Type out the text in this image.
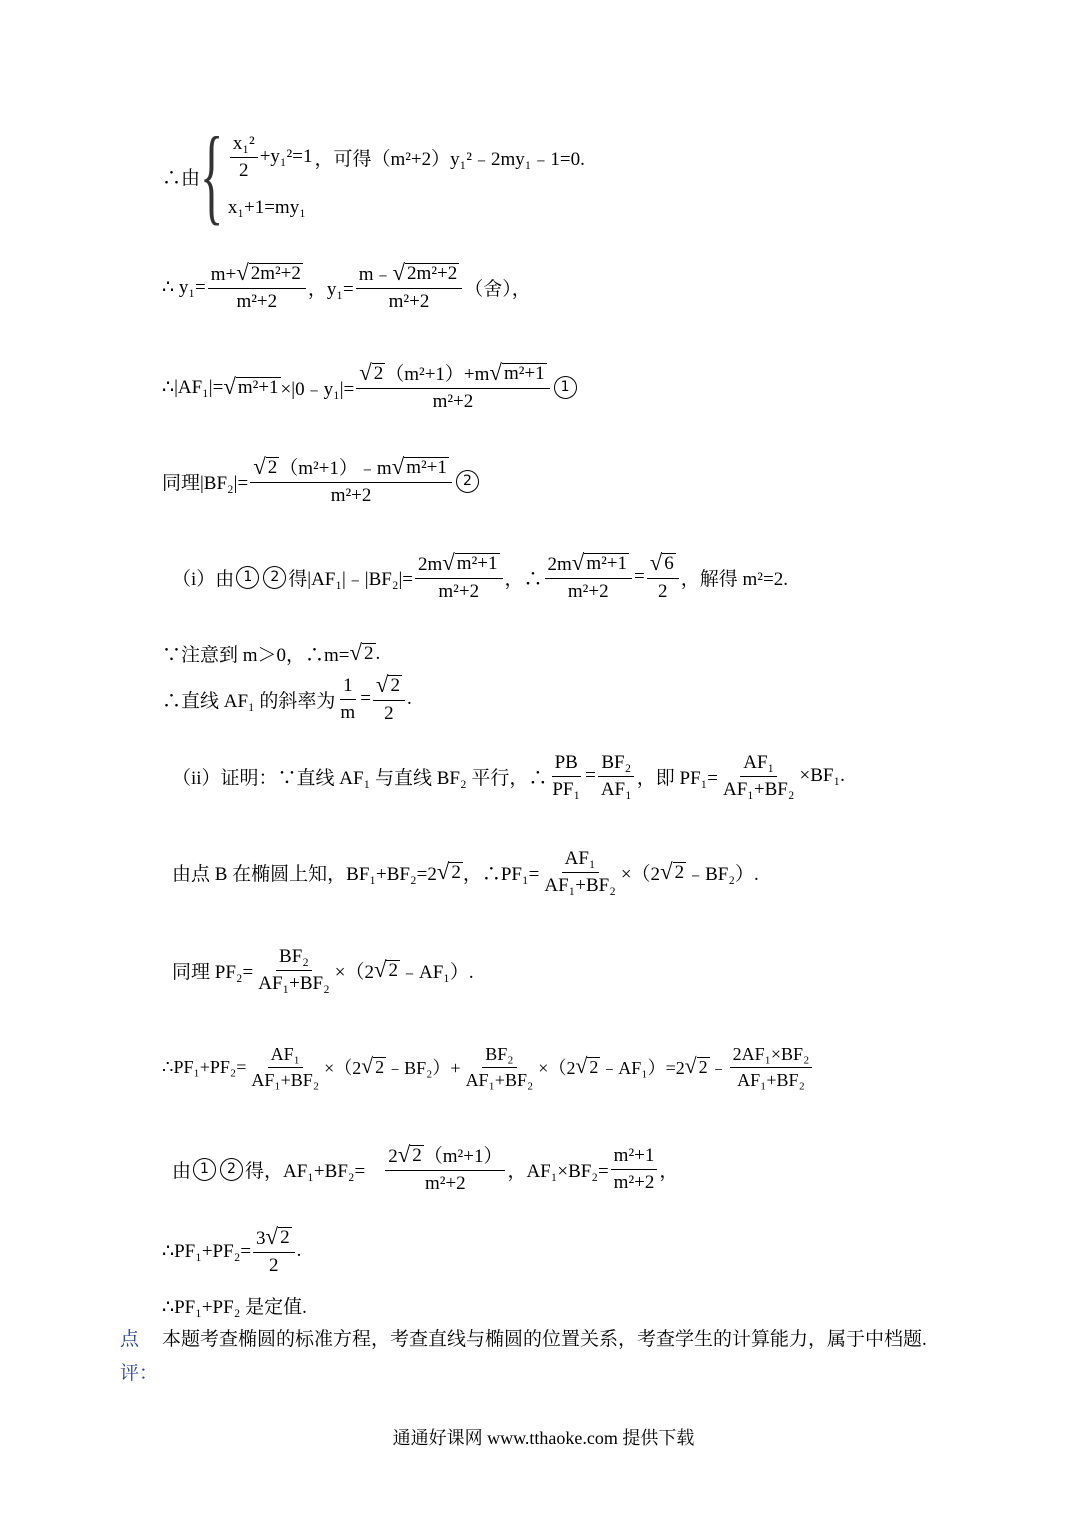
∴由 { $\frac{\text{x₁²}}{2} +y_1^2=1$ ，可得（m²+2）y₁²﹣2my₁﹣1=0.
x₁+1=my₁
∴ $y_1= \frac{\text{m+ √ 2m²+2}}{\text{m²+2}}$ ，$y_1= \frac{\text{m﹣ √ 2m²+2}}{\text{m²+2}}$ （舍），
∴|AF₁|= √ m²+1 ×|0﹣y₁|= $\frac{\text{√ 2 （m²+1）+m √ m²+1}}{\text{m²+2}} 1$
同理$|BF_2|= \frac{\text{√ 2 （m²+1）﹣m √ m²+1}}{\text{m²+2}} 2$
（i）由 1	2 得|AF₁|﹣|BF₂|= $\frac{\text{2m √ m²+1}}{\text{m²+2}}$ ，∴ $\frac{\text{2m √ m²+1}}{\text{m²+2}} = \frac{√ 6}{2}$ ，解得 m²=2.
∵注意到 m＞0，∴m= √ 2 .
∴直线 AF₁ 的斜率为 $\frac{1}{m} = \frac{√ 2}{2}$ .
（ii）证明：∵直线 AF₁ 与直线 BF₂ 平行，∴ $\frac{PB}{\text{PF₁}} = \frac{\text{BF₂}}{\text{AF₁}}$ ，即 $PF_1= \frac{\text{AF₁}}{\text{AF₁+BF₂}} \times BF_1$.
由点 B 在椭圆上知，BF₁+BF₂=2 √ 2 ，∴PF₁= $\frac{\text{AF₁}}{\text{AF₁+BF₂}} \times(2$ √ 2 ﹣BF₂）.
同理 $PF_2= \frac{\text{BF₂}}{\text{AF₁+BF₂}} \times(2$ √ 2 ﹣AF₁）.
∴PF₁+PF₂= $\frac{\text{AF₁}}{\text{AF₁+BF₂}} \times(2$ √ 2 ﹣BF₂）+ $\frac{\text{BF₂}}{\text{AF₁+BF₂}} \times(2$ √ 2 ﹣AF₁）=2 √ 2 ﹣ $\frac{\text{2AF₁×BF₂}}{\text{AF₁+BF₂}}$
由 1	2 得，$AF_1+BF_2= \frac{\text{2 √ 2 （m²+1）}}{\text{m²+2}}$ ，$AF_1\times BF_2= \frac{\text{m²+1}}{\text{m²+2}}$ ，
∴PF₁+PF₂= $\frac{3 √ 2}{2}$ .
∴PF₁+PF₂ 是定值.
点	本题考查椭圆的标准方程，考查直线与椭圆的位置关系，考查学生的计算能力，属于中档题.
评：
通通好课网 www.tthaoke.com 提供下载
